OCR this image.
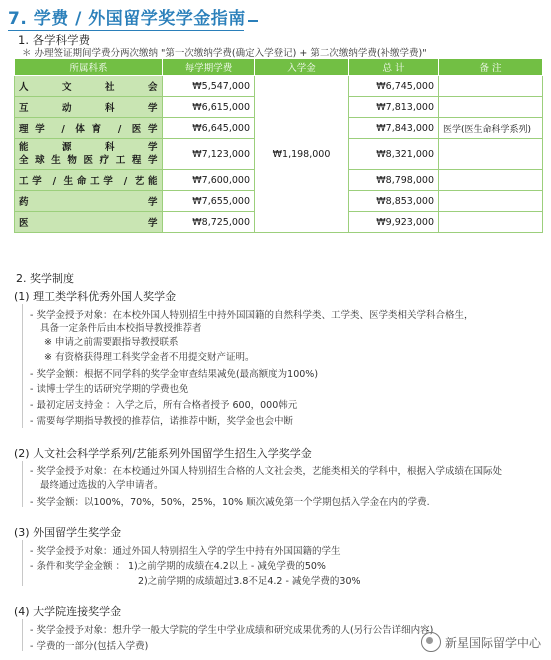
7. 学费 / 外国留学奖学金指南
1. 各学科学费
＊ 办理签证期间学费分两次缴纳 "第一次缴纳学费(确定入学登记) + 第二次缴纳学费(补缴学费)"
所属科系	每学期学费	入学金	总 计	备 注
人文社会	₩5,547,000	₩1,198,000	₩6,745,000	
互动科学	₩6,615,000		₩7,813,000	
理学 / 体育 / 医学	₩6,645,000		₩7,843,000	医学(医生命科学系列)

能源科学
全球生物医疗工程学	₩7,123,000		₩8,321,000	
工学 / 生命工学 / 艺能	₩7,600,000		₩8,798,000	
药学	₩7,655,000		₩8,853,000	
医学	₩8,725,000		₩9,923,000	
2. 奖学制度
(1) 理工类学科优秀外国人奖学金
- 奖学金授予对象：在本校外国人特别招生中持外国国籍的自然科学类、工学类、医学类相关学科合格生，
具备一定条件后由本校指导教授推荐者
※ 申请之前需要跟指导教授联系
※ 有资格获得理工科奖学金者不用提交财产证明。
- 奖学金额：根据不同学科的奖学金审查结果减免(最高额度为100%)
- 读博士学生的话研究学期的学费也免
- 最初定居支持金 ：入学之后，所有合格者授予 600，000韩元
- 需要每学期指导教授的推荐信，诺推荐中断，奖学金也会中断
(2) 人文社会科学学系列/艺能系列外国留学生招生入学奖学金
- 奖学金授予对象：在本校通过外国人特别招生合格的人文社会类，艺能类相关的学科中，根据入学成绩在国际处
最终通过选拔的入学申请者。
- 奖学金额：以100%，70%，50%，25%，10% 顺次减免第一个学期包括入学金在内的学费.
(3) 外国留学生奖学金
- 奖学金授予对象：通过外国人特别招生入学的学生中持有外国国籍的学生
- 条件和奖学金金额 ： 1)之前学期的成绩在4.2以上 - 减免学费的50%
2)之前学期的成绩超过3.8不足4.2 - 减免学费的30%
(4) 大学院连接奖学金
- 奖学金授予对象：想升学一般大学院的学生中学业成绩和研究成果优秀的人(另行公告详细内容)
- 学费的一部分(包括入学费)	新星国际留学中心
